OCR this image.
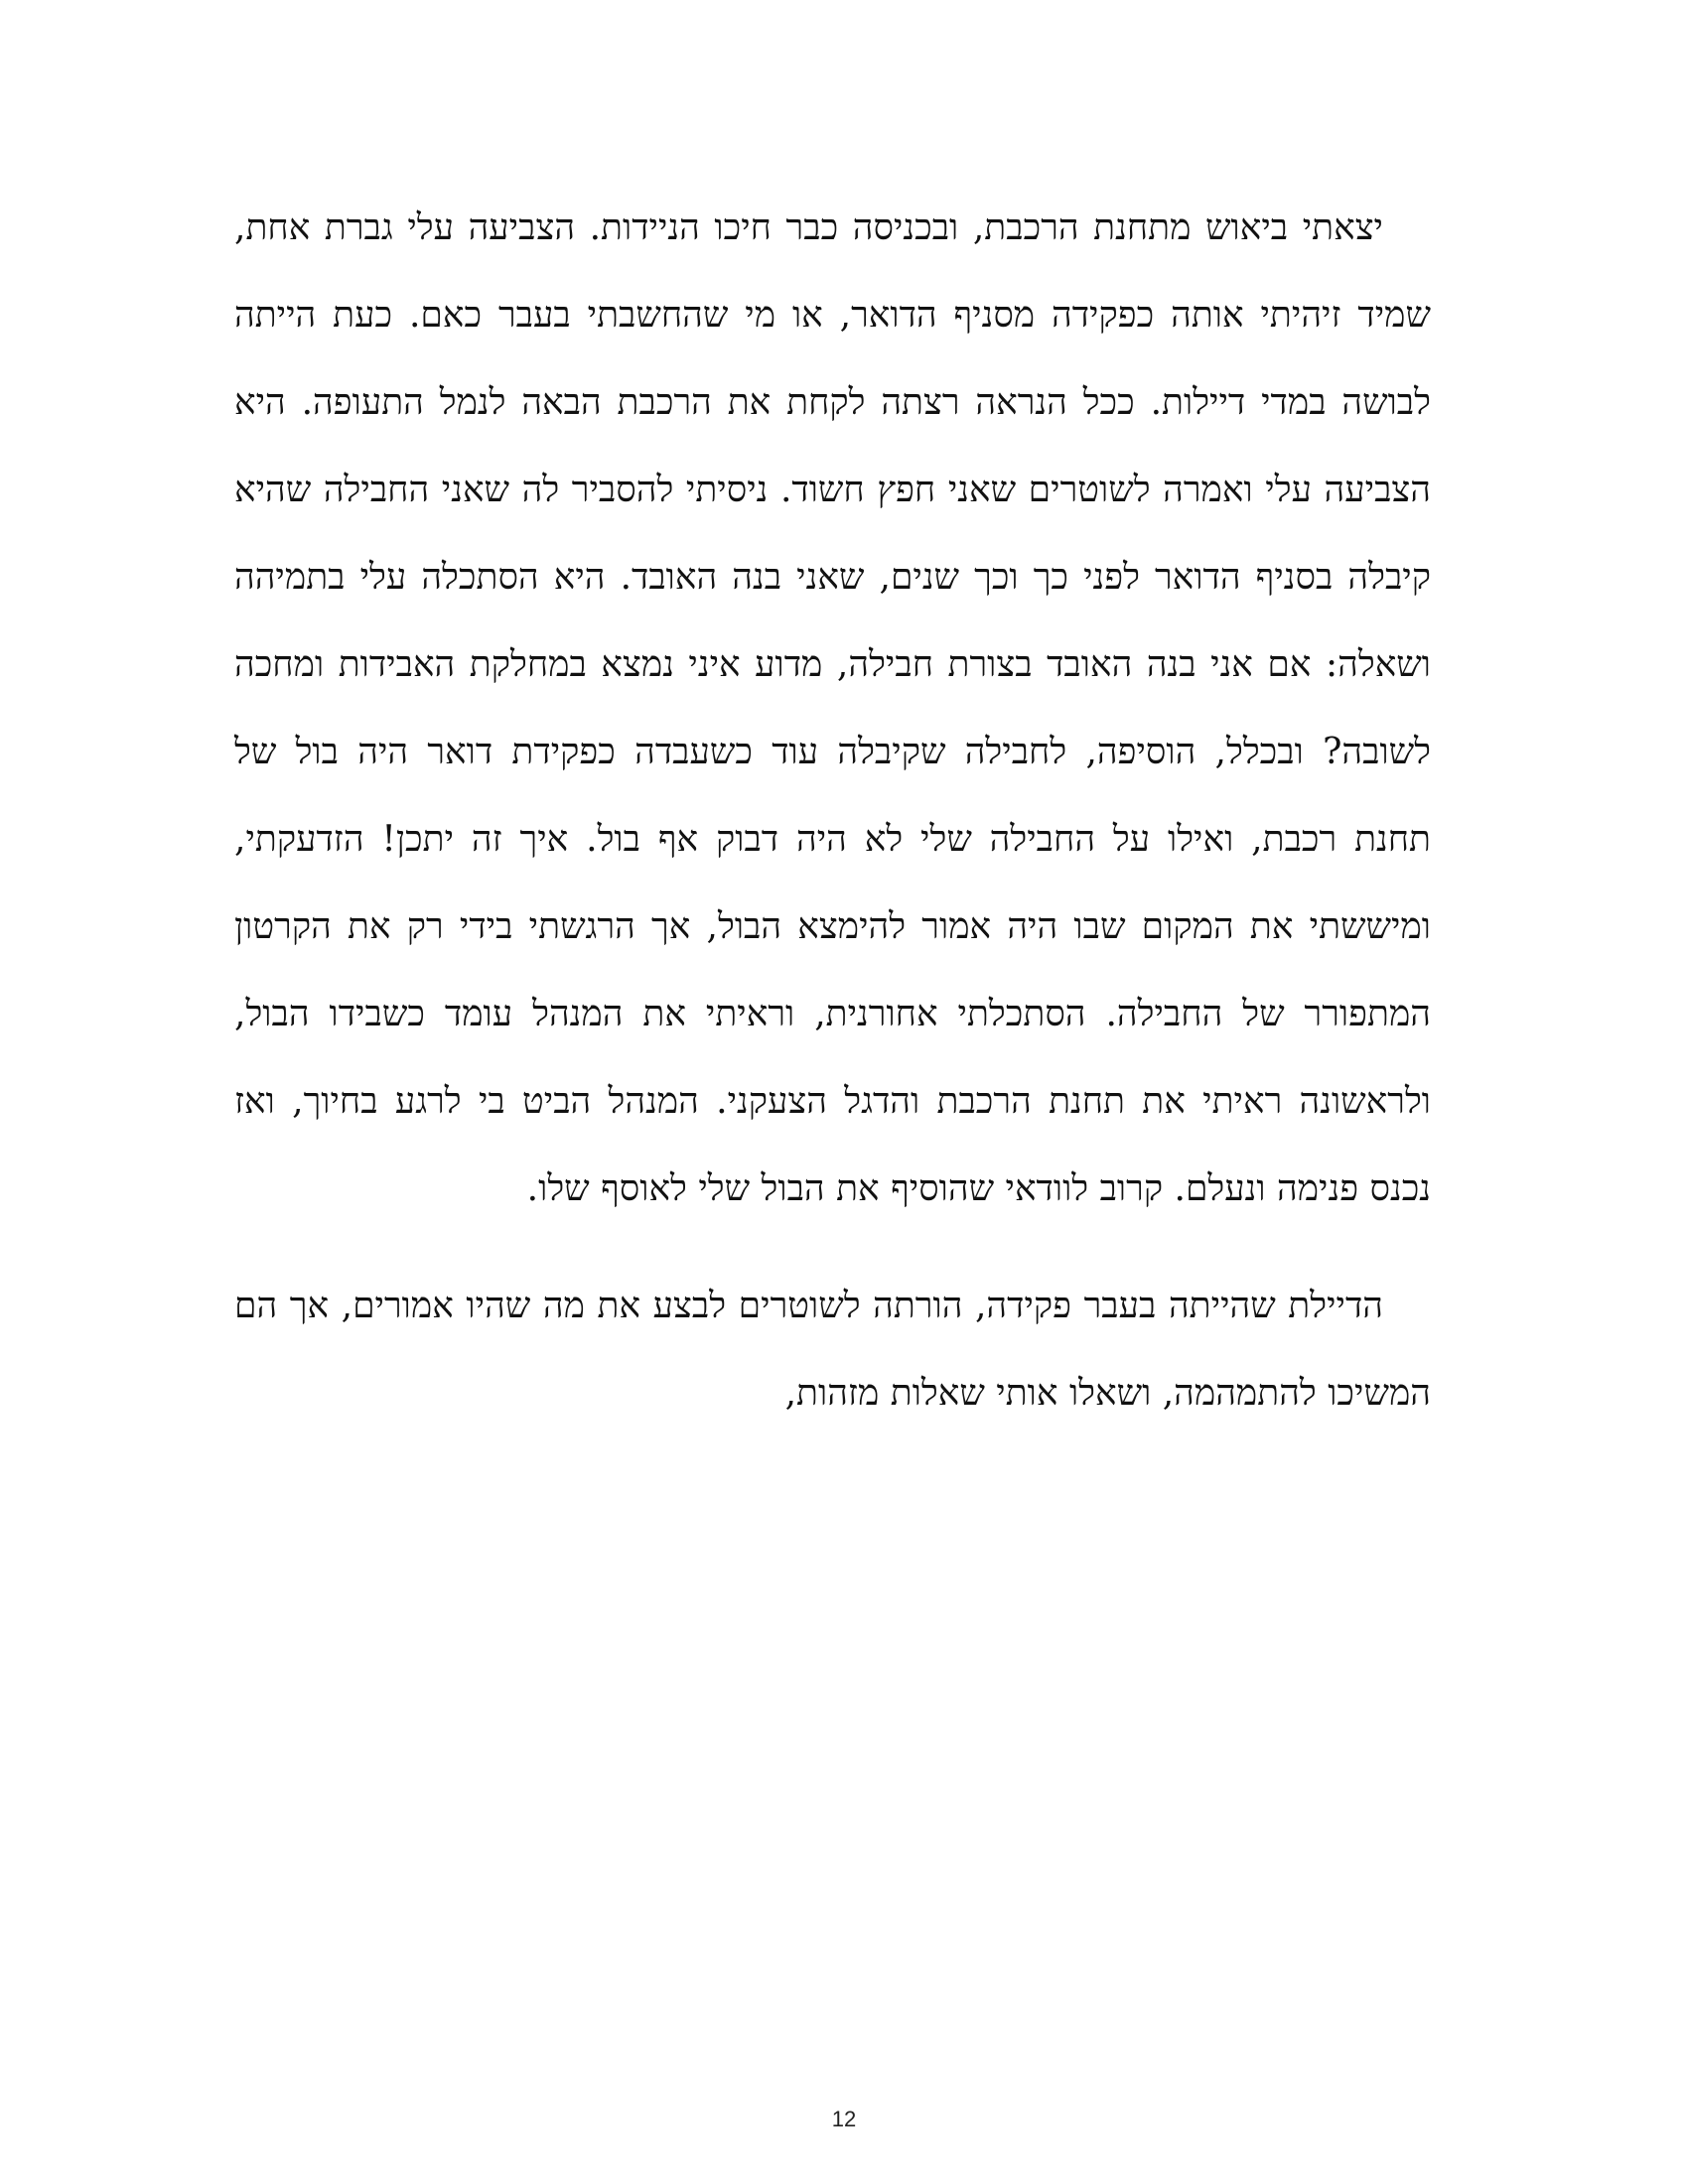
יצאתי ביאוש מתחנת הרכבת, ובכניסה כבר חיכו הניידות. הצביעה עלי גברת אחת, שמיד זיהיתי אותה כפקידה מסניף הדואר, או מי שהחשבתי בעבר כאם. כעת הייתה לבושה במדי דיילות. ככל הנראה רצתה לקחת את הרכבת הבאה לנמל התעופה. היא הצביעה עלי ואמרה לשוטרים שאני חפץ חשוד. ניסיתי להסביר לה שאני החבילה שהיא קיבלה בסניף הדואר לפני כך וכך שנים, שאני בנה האובד. היא הסתכלה עלי בתמיהה ושאלה: אם אני בנה האובד בצורת חבילה, מדוע איני נמצא במחלקת האבידות ומחכה לשובה? ובכלל, הוסיפה, לחבילה שקיבלה עוד כשעבדה כפקידת דואר היה בול של תחנת רכבת, ואילו על החבילה שלי לא היה דבוק אף בול. איך זה יתכן! הזדעקתי, ומיששתי את המקום שבו היה אמור להימצא הבול, אך הרגשתי בידי רק את הקרטון המתפורר של החבילה. הסתכלתי אחורנית, וראיתי את המנהל עומד כשבידו הבול, ולראשונה ראיתי את תחנת הרכבת והדגל הצעקני. המנהל הביט בי לרגע בחיוך, ואז נכנס פנימה ונעלם. קרוב לוודאי שהוסיף את הבול שלי לאוסף שלו.

הדיילת שהייתה בעבר פקידה, הורתה לשוטרים לבצע את מה שהיו אמורים, אך הם המשיכו להתמהמה, ושאלו אותי שאלות מזהות,

12
